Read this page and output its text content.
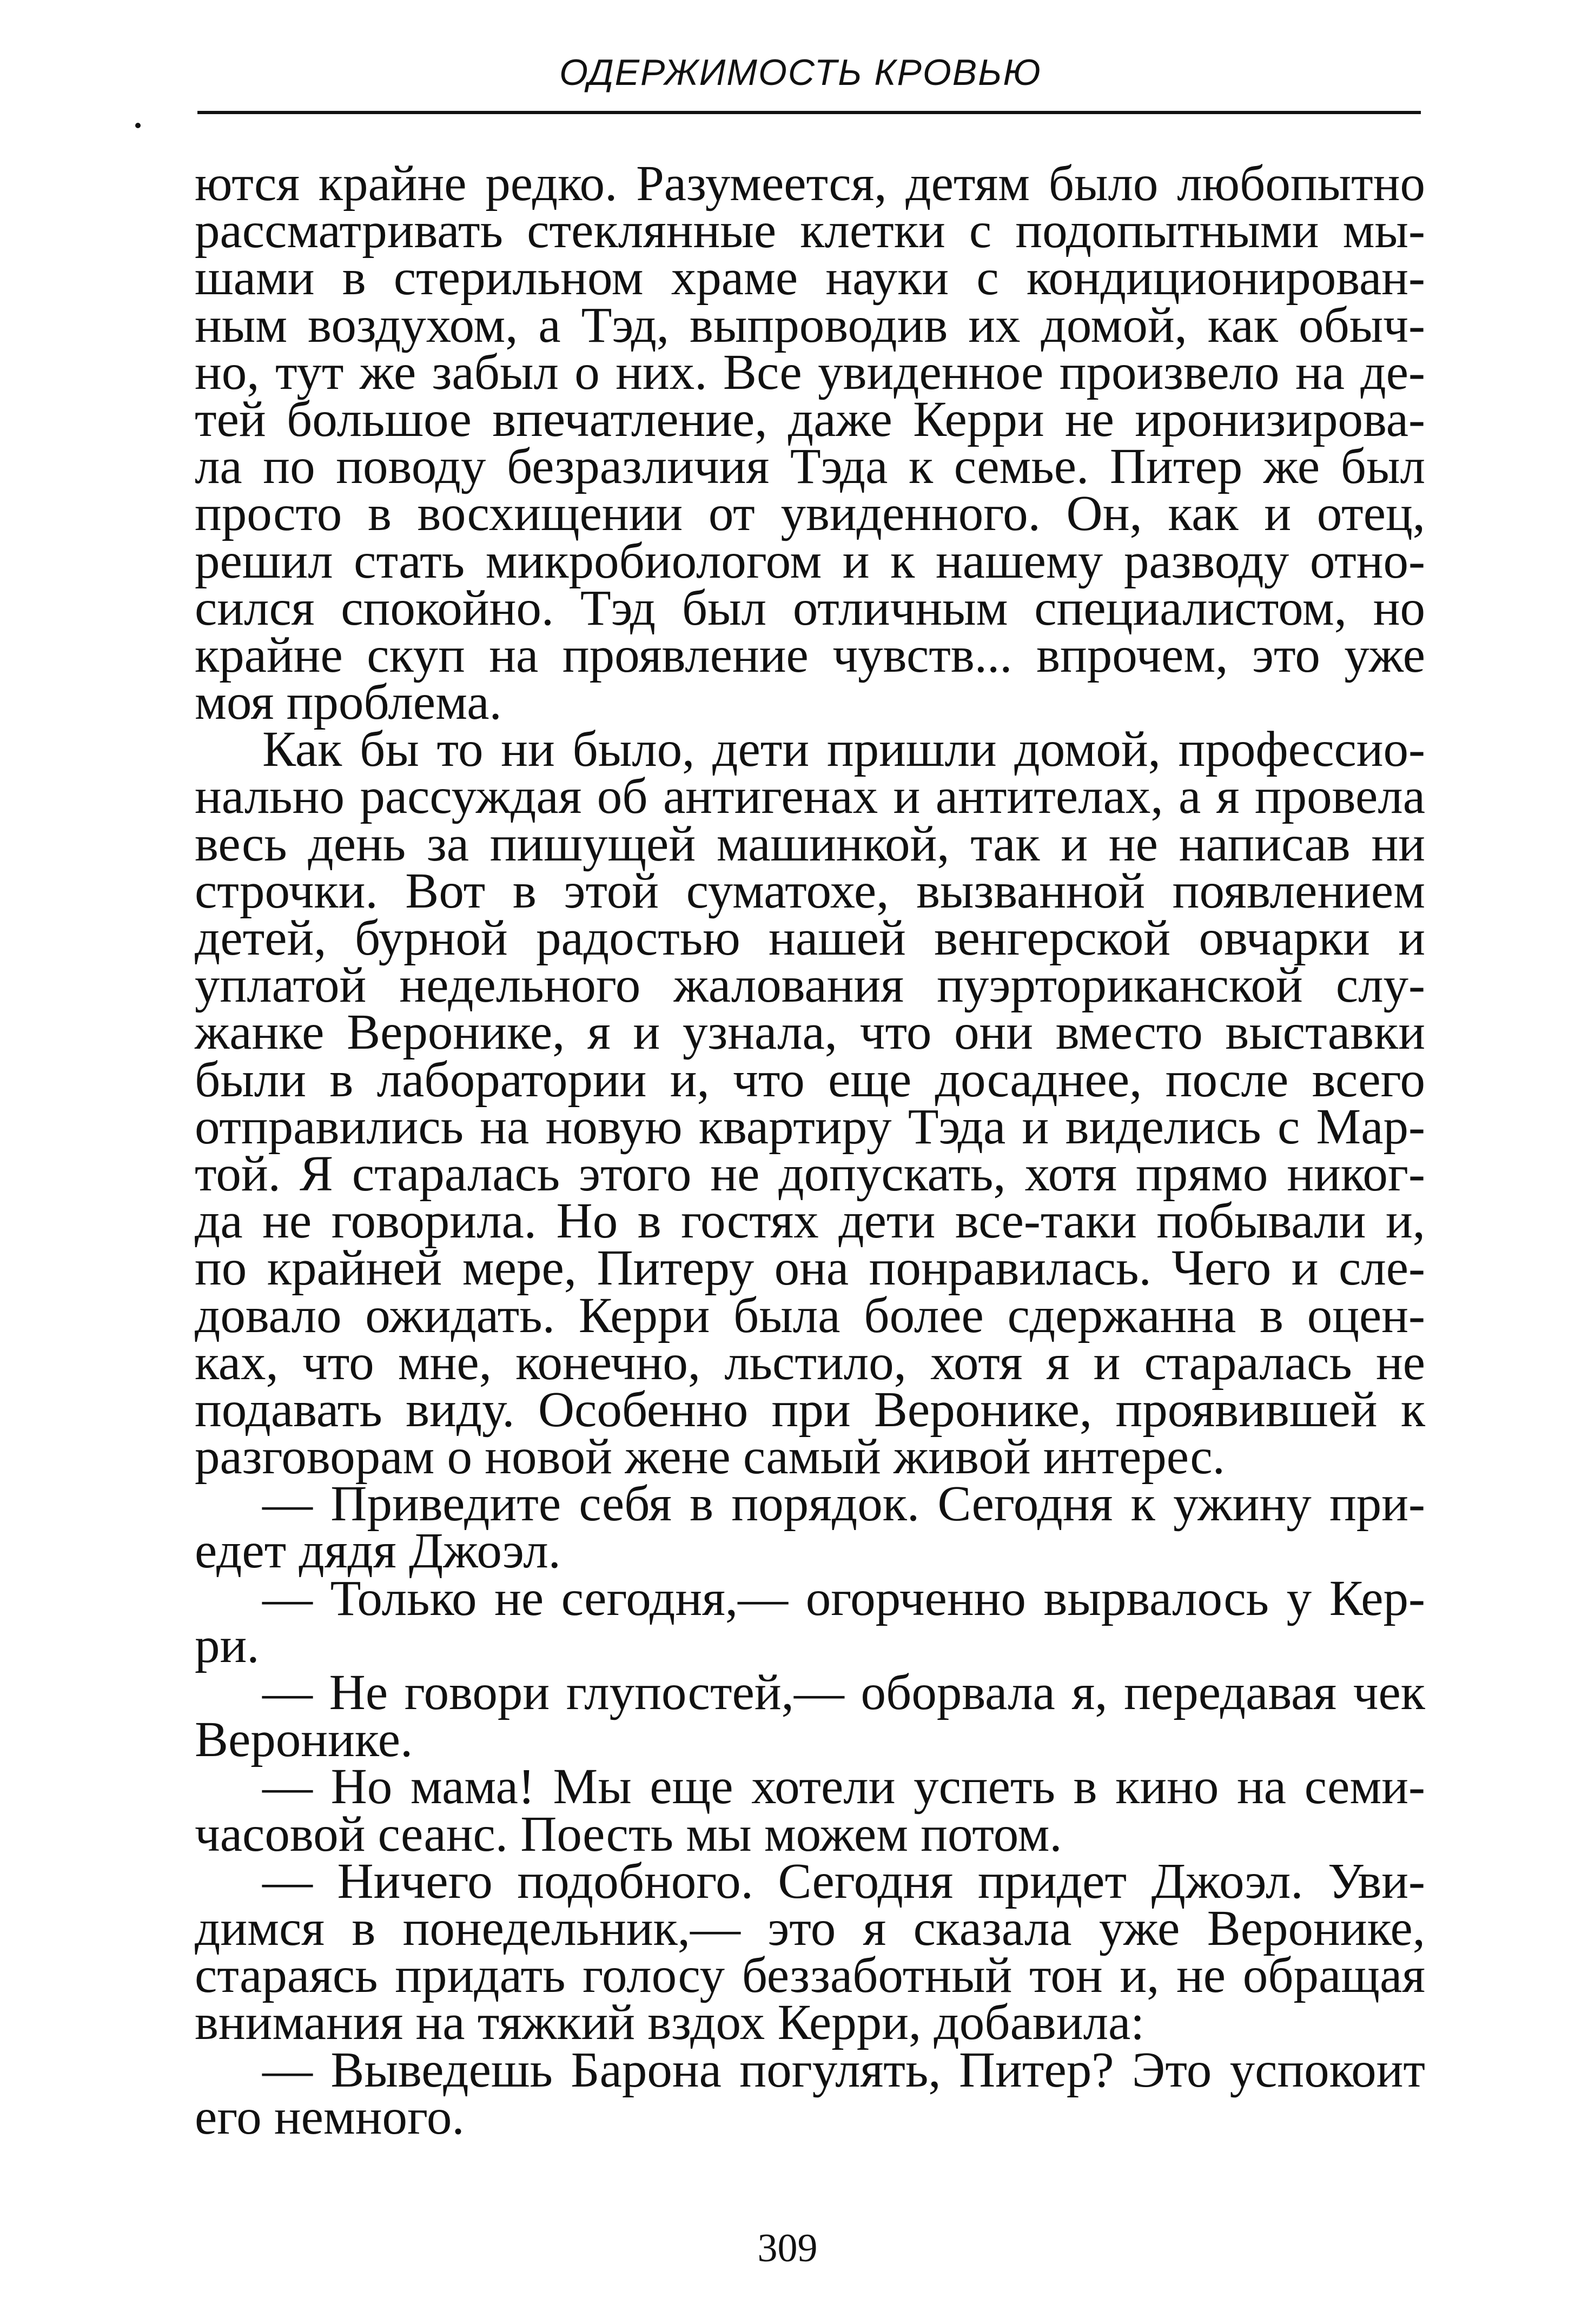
ОДЕРЖИМОСТЬ КРОВЬЮ
ются крайне редко. Разумеется, детям было любопытно
рассматривать стеклянные клетки с подопытными мы-
шами в стерильном храме науки с кондиционирован-
ным воздухом, а Тэд, выпроводив их домой, как обыч-
но, тут же забыл о них. Все увиденное произвело на де-
тей большое впечатление, даже Керри не иронизирова-
ла по поводу безразличия Тэда к семье. Питер же был
просто в восхищении от увиденного. Он, как и отец,
решил стать микробиологом и к нашему разводу отно-
сился спокойно. Тэд был отличным специалистом, но
крайне скуп на проявление чувств... впрочем, это уже
моя проблема.
Как бы то ни было, дети пришли домой, профессио-
нально рассуждая об антигенах и антителах, а я провела
весь день за пишущей машинкой, так и не написав ни
строчки. Вот в этой суматохе, вызванной появлением
детей, бурной радостью нашей венгерской овчарки и
уплатой недельного жалования пуэрториканской слу-
жанке Веронике, я и узнала, что они вместо выставки
были в лаборатории и, что еще досаднее, после всего
отправились на новую квартиру Тэда и виделись с Мар-
той. Я старалась этого не допускать, хотя прямо никог-
да не говорила. Но в гостях дети все-таки побывали и,
по крайней мере, Питеру она понравилась. Чего и сле-
довало ожидать. Керри была более сдержанна в оцен-
ках, что мне, конечно, льстило, хотя я и старалась не
подавать виду. Особенно при Веронике, проявившей к
разговорам о новой жене самый живой интерес.
— Приведите себя в порядок. Сегодня к ужину при-
едет дядя Джоэл.
— Только не сегодня,— огорченно вырвалось у Кер-
ри.
— Не говори глупостей,— оборвала я, передавая чек
Веронике.
— Но мама! Мы еще хотели успеть в кино на семи-
часовой сеанс. Поесть мы можем потом.
— Ничего подобного. Сегодня придет Джоэл. Уви-
димся в понедельник,— это я сказала уже Веронике,
стараясь придать голосу беззаботный тон и, не обращая
внимания на тяжкий вздох Керри, добавила:
— Выведешь Барона погулять, Питер? Это успокоит
его немного.
309
